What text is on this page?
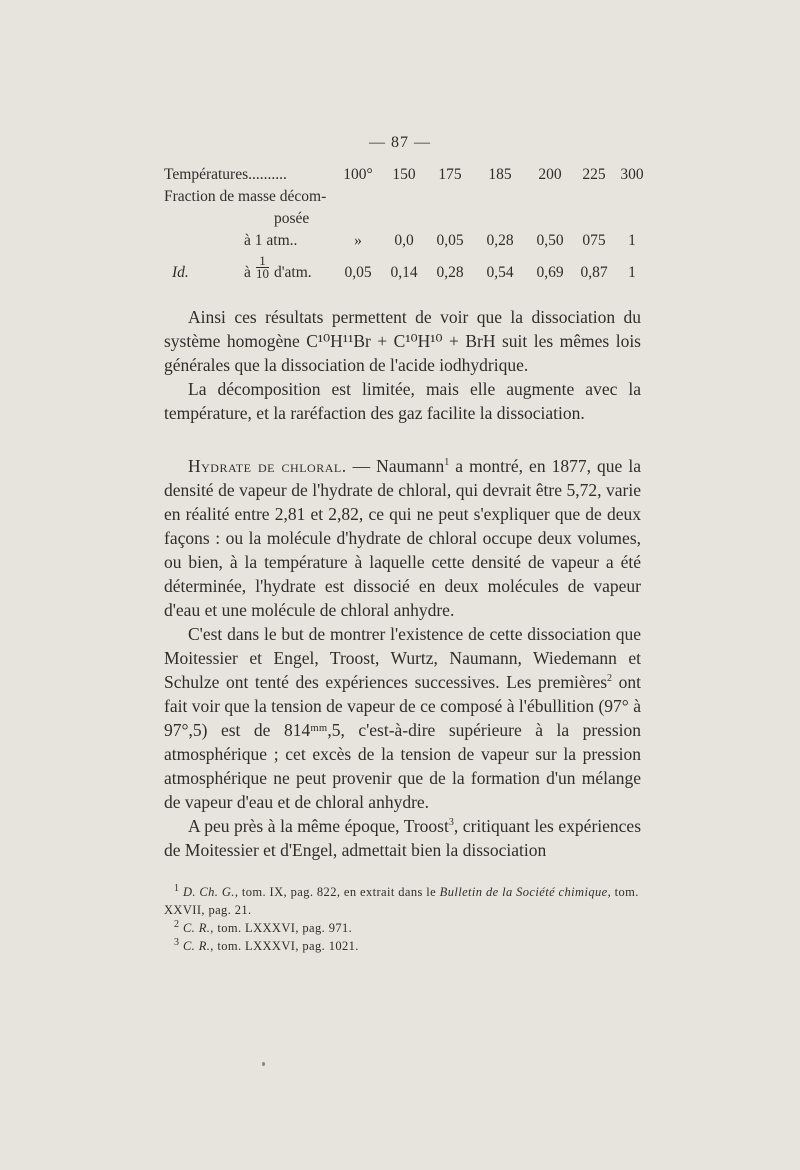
— 87 —
Températures..........	100°	150	175	185	200	225 300
Fraction de masse décom-
posée
à 1 atm..	»	0,0	0,05	0,28	0,50	075	1
Id.	à $\frac{1}{10} d'atm$.	0,05	0,14	0,28	0,54	0,69	0,87	1

Ainsi ces résultats permettent de voir que la dissociation du système homogène C¹⁰H¹¹Br + C¹⁰H¹⁰ + BrH suit les mêmes lois générales que la dissociation de l'acide iodhydrique.

La décomposition est limitée, mais elle augmente avec la température, et la raréfaction des gaz facilite la dissociation.

Hydrate de chloral. — Naumann$^1$ a montré, en 1877, que la densité de vapeur de l'hydrate de chloral, qui devrait être 5,72, varie en réalité entre 2,81 et 2,82, ce qui ne peut s'expliquer que de deux façons : ou la molécule d'hydrate de chloral occupe deux volumes, ou bien, à la température à laquelle cette densité de vapeur a été déterminée, l'hydrate est dissocié en deux molécules de vapeur d'eau et une molécule de chloral anhydre.

C'est dans le but de montrer l'existence de cette dissociation que Moitessier et Engel, Troost, Wurtz, Naumann, Wiedemann et Schulze ont tenté des expériences successives. Les premières$^2$ ont fait voir que la tension de vapeur de ce composé à l'ébullition (97° à 97°,5) est de 814ᵐᵐ,5, c'est-à-dire supérieure à la pression atmosphérique ; cet excès de la tension de vapeur sur la pression atmosphérique ne peut provenir que de la formation d'un mélange de vapeur d'eau et de chloral anhydre.

A peu près à la même époque, Troost$^3$, critiquant les expériences de Moitessier et d'Engel, admettait bien la dissociation

$^1$ D. Ch. G., tom. IX, pag. 822, en extrait dans le Bulletin de la Société chimique, tom. XXVII, pag. 21.
$^2$ C. R., tom. LXXXVI, pag. 971.
$^3$ C. R., tom. LXXXVI, pag. 1021.
